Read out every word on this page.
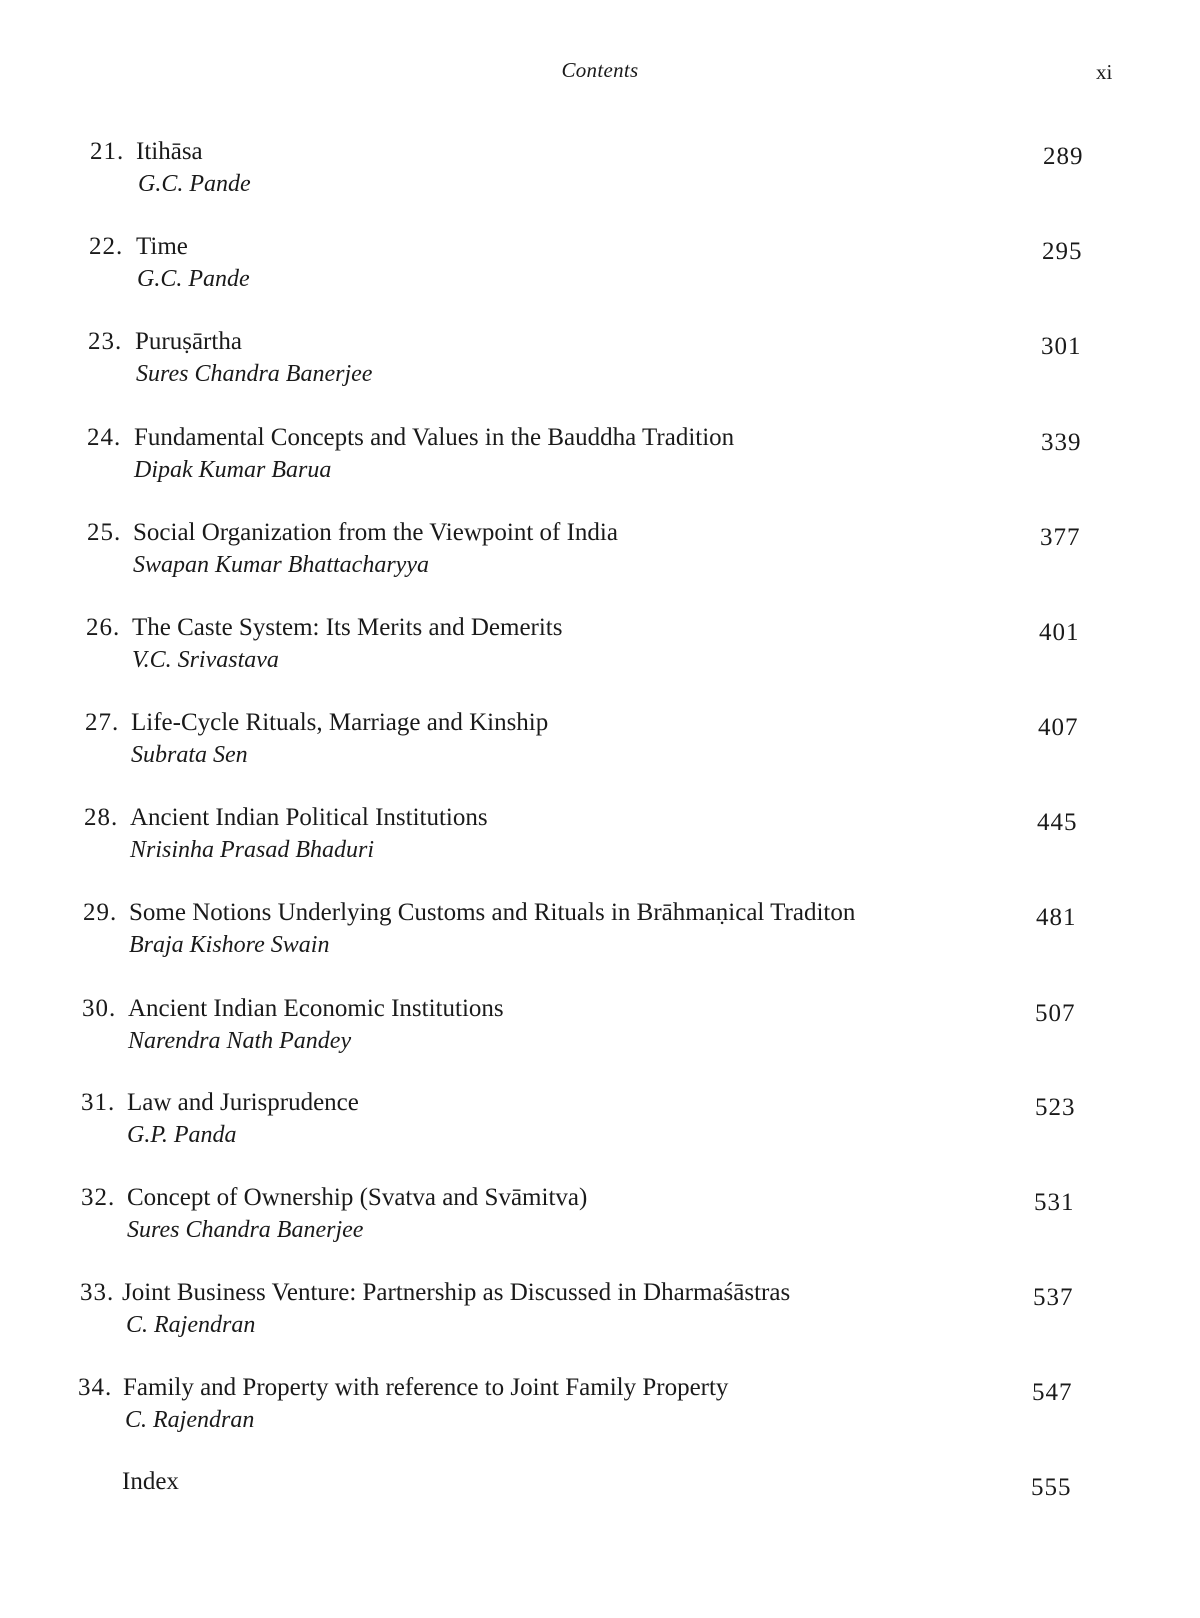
Contents	xi
21. Itihāsa
G.C. Pande
289
22. Time
G.C. Pande
295
23. Puruṣārtha
Sures Chandra Banerjee
301
24. Fundamental Concepts and Values in the Bauddha Tradition
Dipak Kumar Barua
339
25. Social Organization from the Viewpoint of India
Swapan Kumar Bhattacharyya
377
26. The Caste System: Its Merits and Demerits
V.C. Srivastava
401
27. Life-Cycle Rituals, Marriage and Kinship
Subrata Sen
407
28. Ancient Indian Political Institutions
Nrisinha Prasad Bhaduri
445
29. Some Notions Underlying Customs and Rituals in Brāhmaṇical Traditon
Braja Kishore Swain
481
30. Ancient Indian Economic Institutions
Narendra Nath Pandey
507
31. Law and Jurisprudence
G.P. Panda
523
32. Concept of Ownership (Svatva and Svāmitva)
Sures Chandra Banerjee
531
33. Joint Business Venture: Partnership as Discussed in Dharmaśāstras
C. Rajendran
537
34. Family and Property with reference to Joint Family Property
C. Rajendran
547
Index	555
